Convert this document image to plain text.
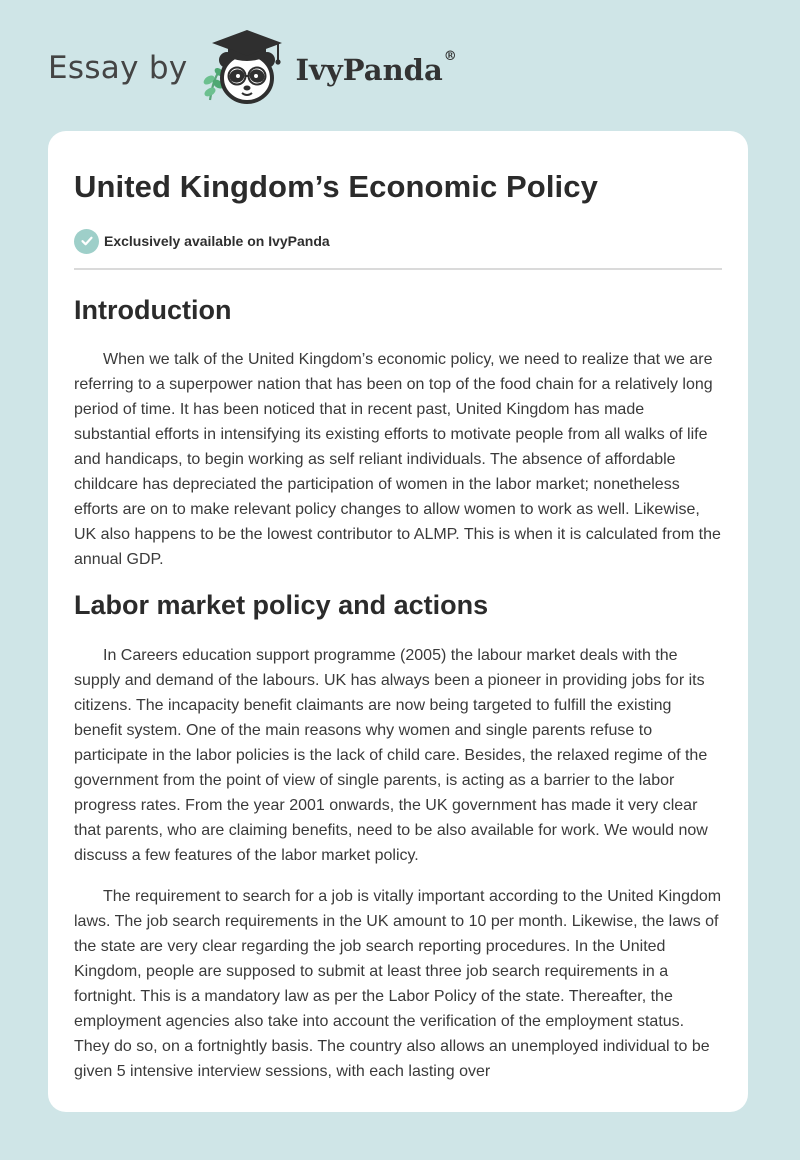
Essay by	IvyPanda®
United Kingdom’s Economic Policy
Exclusively available on IvyPanda
Introduction

When we talk of the United Kingdom’s economic policy, we need to realize that we are referring to a superpower nation that has been on top of the food chain for a relatively long period of time. It has been noticed that in recent past, United Kingdom has made substantial efforts in intensifying its existing efforts to motivate people from all walks of life and handicaps, to begin working as self reliant individuals. The absence of affordable childcare has depreciated the participation of women in the labor market; nonetheless efforts are on to make relevant policy changes to allow women to work as well. Likewise, UK also happens to be the lowest contributor to ALMP. This is when it is calculated from the annual GDP.

Labor market policy and actions

In Careers education support programme (2005) the labour market deals with the supply and demand of the labours. UK has always been a pioneer in providing jobs for its citizens. The incapacity benefit claimants are now being targeted to fulfill the existing benefit system. One of the main reasons why women and single parents refuse to participate in the labor policies is the lack of child care. Besides, the relaxed regime of the government from the point of view of single parents, is acting as a barrier to the labor progress rates. From the year 2001 onwards, the UK government has made it very clear that parents, who are claiming benefits, need to be also available for work. We would now discuss a few features of the labor market policy.

The requirement to search for a job is vitally important according to the United Kingdom laws. The job search requirements in the UK amount to 10 per month. Likewise, the laws of the state are very clear regarding the job search reporting procedures. In the United Kingdom, people are supposed to submit at least three job search requirements in a fortnight. This is a mandatory law as per the Labor Policy of the state. Thereafter, the employment agencies also take into account the verification of the employment status. They do so, on a fortnightly basis. The country also allows an unemployed individual to be given 5 intensive interview sessions, with each lasting over
